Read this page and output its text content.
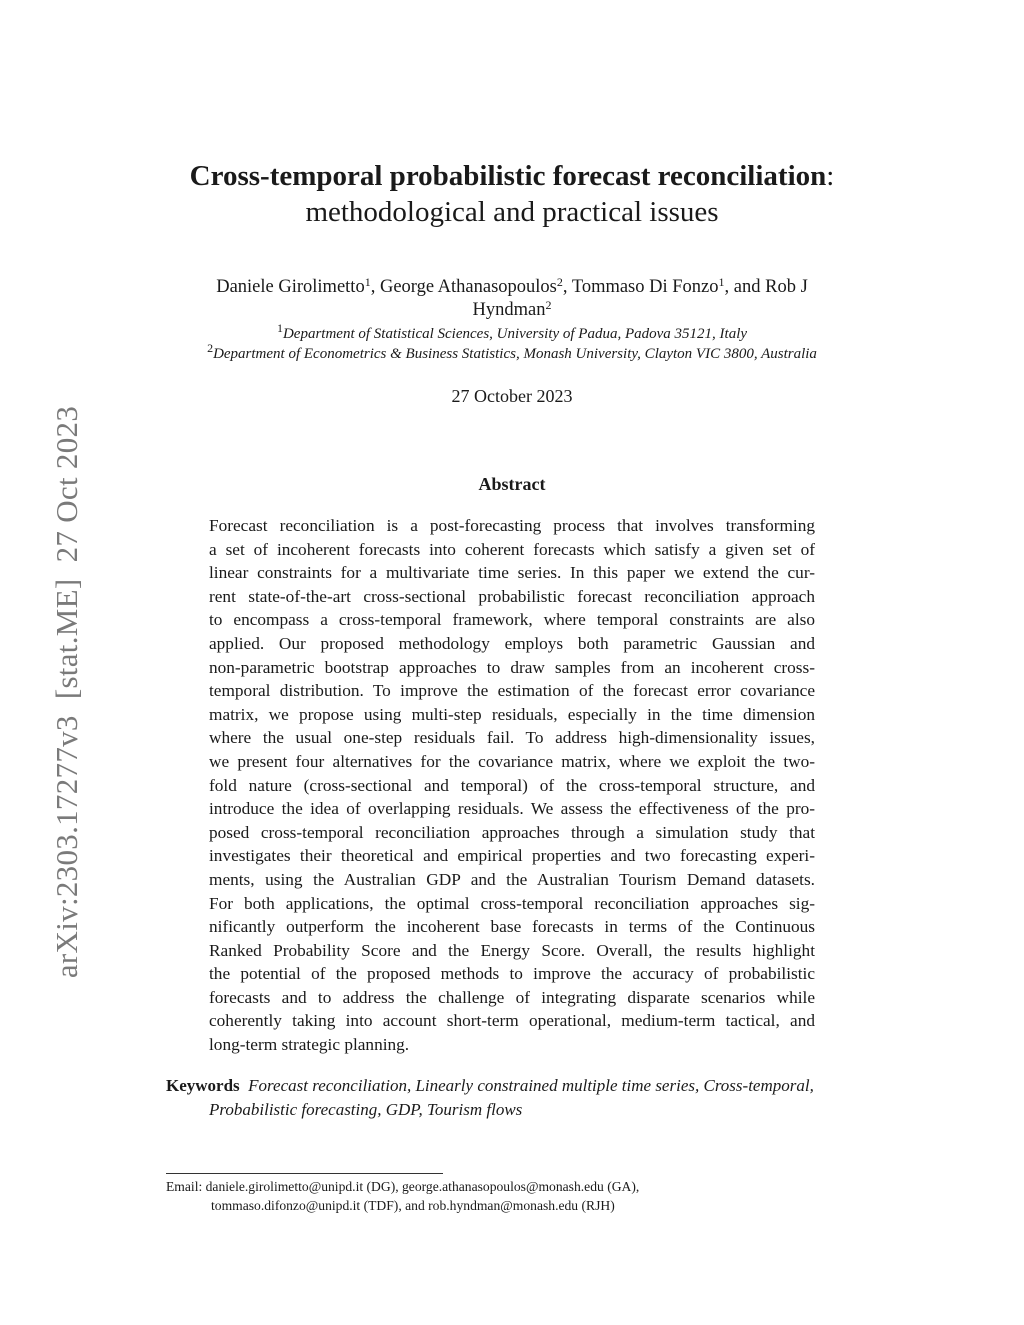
arXiv:2303.17277v3  [stat.ME]  27 Oct 2023
Cross-temporal probabilistic forecast reconciliation:
methodological and practical issues
Daniele Girolimetto$^1$, George Athanasopoulos$^2$, Tommaso Di Fonzo$^1$, and Rob J
Hyndman$^2$
$^1$Department of Statistical Sciences, University of Padua, Padova 35121, Italy
$^2$Department of Econometrics & Business Statistics, Monash University, Clayton VIC 3800, Australia
27 October 2023
Abstract
Forecast reconciliation is a post-forecasting process that involves transforming
a set of incoherent forecasts into coherent forecasts which satisfy a given set of
linear constraints for a multivariate time series. In this paper we extend the cur-
rent state-of-the-art cross-sectional probabilistic forecast reconciliation approach
to encompass a cross-temporal framework, where temporal constraints are also
applied. Our proposed methodology employs both parametric Gaussian and
non-parametric bootstrap approaches to draw samples from an incoherent cross-
temporal distribution. To improve the estimation of the forecast error covariance
matrix, we propose using multi-step residuals, especially in the time dimension
where the usual one-step residuals fail. To address high-dimensionality issues,
we present four alternatives for the covariance matrix, where we exploit the two-
fold nature (cross-sectional and temporal) of the cross-temporal structure, and
introduce the idea of overlapping residuals. We assess the effectiveness of the pro-
posed cross-temporal reconciliation approaches through a simulation study that
investigates their theoretical and empirical properties and two forecasting experi-
ments, using the Australian GDP and the Australian Tourism Demand datasets.
For both applications, the optimal cross-temporal reconciliation approaches sig-
nificantly outperform the incoherent base forecasts in terms of the Continuous
Ranked Probability Score and the Energy Score. Overall, the results highlight
the potential of the proposed methods to improve the accuracy of probabilistic
forecasts and to address the challenge of integrating disparate scenarios while
coherently taking into account short-term operational, medium-term tactical, and
long-term strategic planning.
Keywords Forecast reconciliation, Linearly constrained multiple time series, Cross-temporal,
Probabilistic forecasting, GDP, Tourism flows
Email: daniele.girolimetto@unipd.it (DG), george.athanasopoulos@monash.edu (GA),
tommaso.difonzo@unipd.it (TDF), and rob.hyndman@monash.edu (RJH)
